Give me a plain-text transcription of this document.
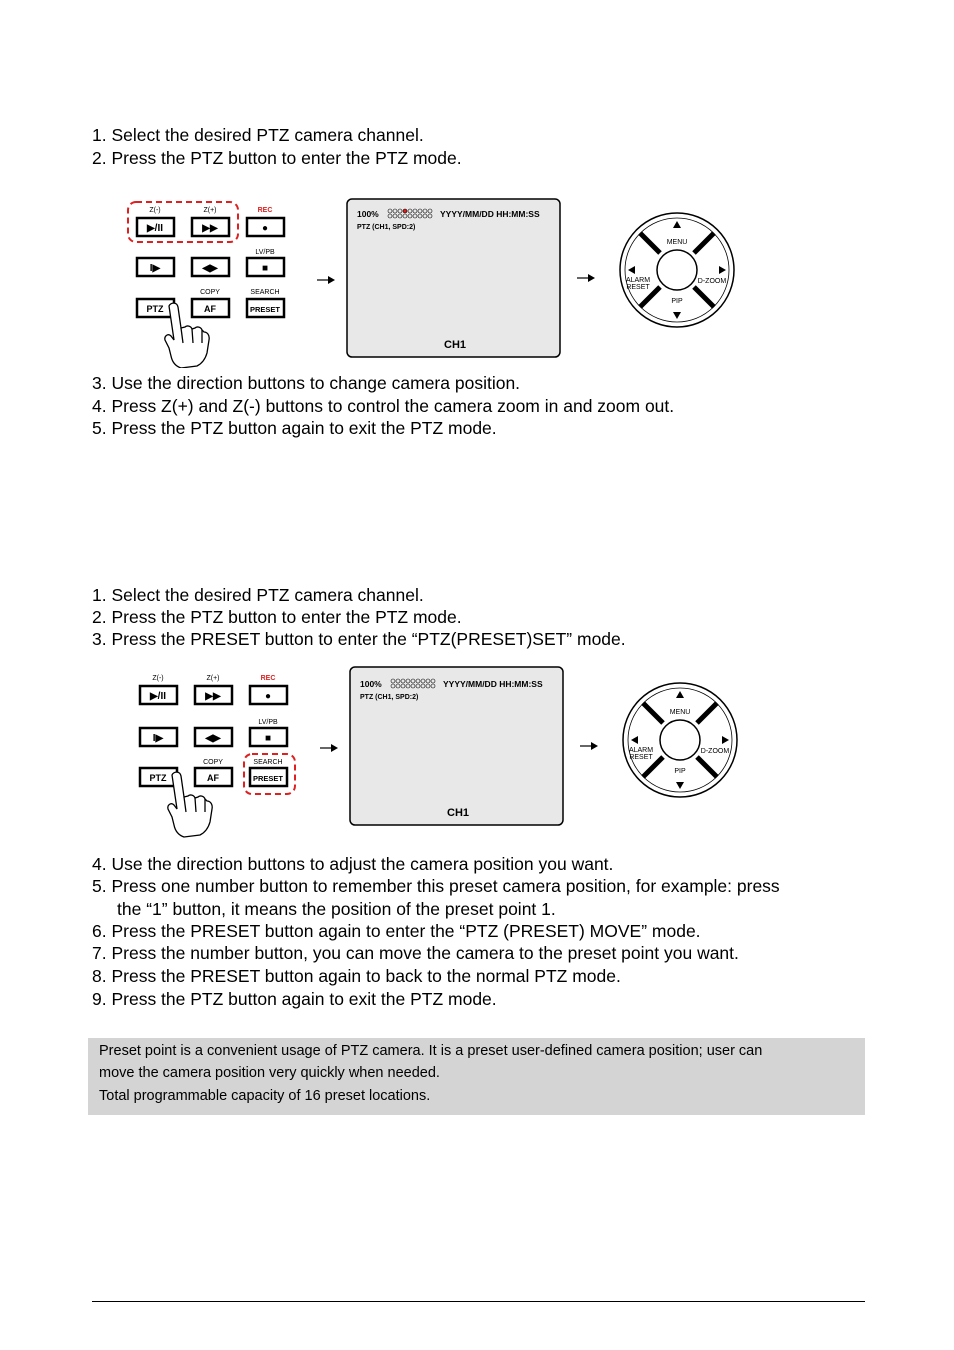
1. Select the desired PTZ camera channel.
2. Press the PTZ button to enter the PTZ mode.
Z(-)	Z(+)	REC
▶/II	▶▶	●
LV/PB
I▶	◀▶	■
COPY	SEARCH
PTZ	AF	PRESET
100%	YYYY/MM/DD HH:MM:SS
PTZ (CH1, SPD:2)
CH1
MENU
PIP
ALARM
RESET
D-ZOOM
3. Use the direction buttons to change camera position.
4. Press Z(+) and Z(-) buttons to control the camera zoom in and zoom out.
5. Press the PTZ button again to exit the PTZ mode.
1. Select the desired PTZ camera channel.
2. Press the PTZ button to enter the PTZ mode.
3. Press the PRESET button to enter the “PTZ(PRESET)SET” mode.
Z(-)	Z(+)	REC
▶/II	▶▶	●
LV/PB
I▶	◀▶	■
COPY	SEARCH
PTZ	AF	PRESET
100%	YYYY/MM/DD HH:MM:SS
PTZ (CH1, SPD:2)
CH1
MENU
PIP
ALARM
RESET
D-ZOOM
4. Use the direction buttons to adjust the camera position you want.
5. Press one number button to remember this preset camera position, for example: press
the “1” button, it means the position of the preset point 1.
6. Press the PRESET button again to enter the “PTZ (PRESET) MOVE” mode.
7. Press the number button, you can move the camera to the preset point you want.
8. Press the PRESET button again to back to the normal PTZ mode.
9. Press the PTZ button again to exit the PTZ mode.

Preset point is a convenient usage of PTZ camera. It is a preset user-defined camera position; user can

move the camera position very quickly when needed.

Total programmable capacity of 16 preset locations.
